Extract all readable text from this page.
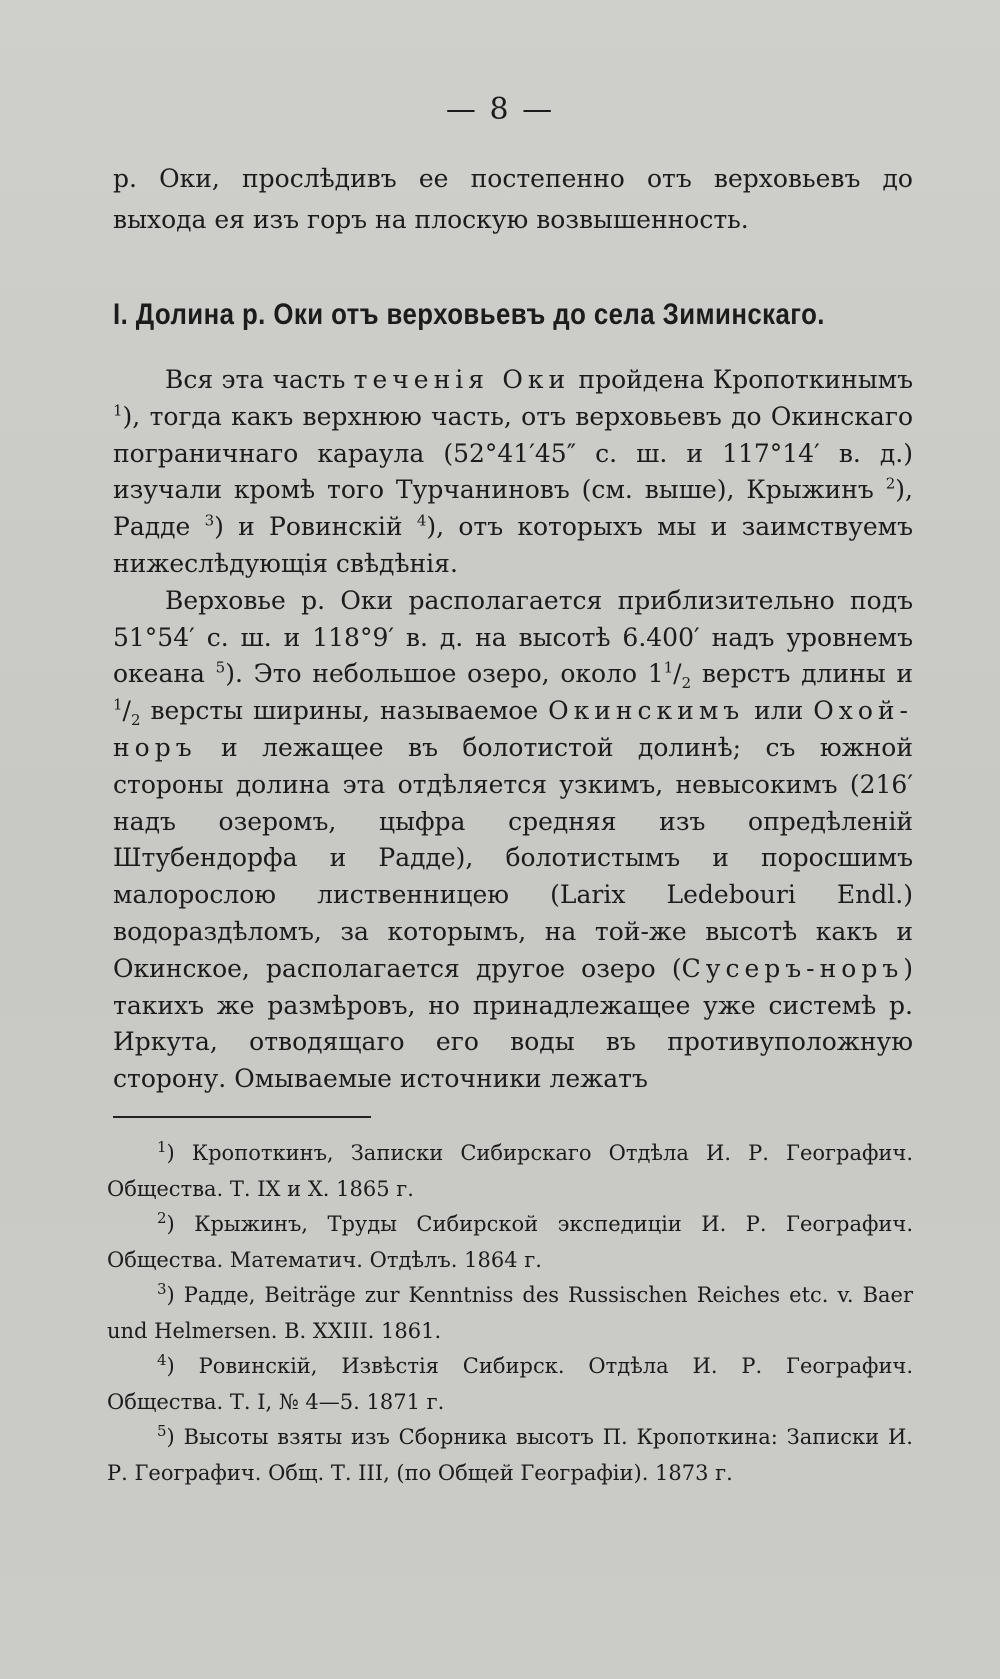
— 8 —
р. Оки, прослѣдивъ ее постепенно отъ верховьевъ до выхода ея изъ горъ на плоскую возвышенность.
I. Долина р. Оки отъ верховьевъ до села Зиминскаго.

Вся эта часть теченія Оки пройдена Кропоткинымъ $^1$), тогда какъ верхнюю часть, отъ верховьевъ до Окинскаго пограничнаго караула (52°41′45″ с. ш. и 117°14′ в. д.) изучали кромѣ того Турчаниновъ (см. выше), Крыжинъ $^2$), Радде $^3$) и Ровинскій $^4$), отъ которыхъ мы и заимствуемъ нижеслѣдующія свѣдѣнія.

Верховье р. Оки располагается приблизительно подъ 51°54′ с. ш. и 118°9′ в. д. на высотѣ 6.400′ надъ уровнемъ океана $^5$). Это небольшое озеро, около $1^1/_2$ верстъ длины и $^1/_2$ версты ширины, называемое Окинскимъ или Охой-норъ и лежащее въ болотистой долинѣ; съ южной стороны долина эта отдѣляется узкимъ, невысокимъ (216′ надъ озеромъ, цыфра средняя изъ опредѣленій Штубендорфа и Радде), болотистымъ и поросшимъ малорослою лиственницею (Larix Ledebouri Endl.) водораздѣломъ, за которымъ, на той-же высотѣ какъ и Окинское, располагается другое озеро (Сусеръ-норъ) такихъ же размѣровъ, но принадлежащее уже системѣ р. Иркута, отводящаго его воды въ противуположную сторону. Омываемые источники лежатъ

$^1$) Кропоткинъ, Записки Сибирскаго Отдѣла И. Р. Географич. Общества. Т. IX и X. 1865 г.

$^2$) Крыжинъ, Труды Сибирской экспедиціи И. Р. Географич. Общества. Математич. Отдѣлъ. 1864 г.

$^3$) Радде, Beiträge zur Kenntniss des Russischen Reiches etc. v. Baer und Helmersen. B. XXIII. 1861.

$^4$) Ровинскій, Извѣстія Сибирск. Отдѣла И. Р. Географич. Общества. Т. I, № 4—5. 1871 г.

$^5$) Высоты взяты изъ Сборника высотъ П. Кропоткина: Записки И. Р. Географич. Общ. Т. III, (по Общей Географіи). 1873 г.
